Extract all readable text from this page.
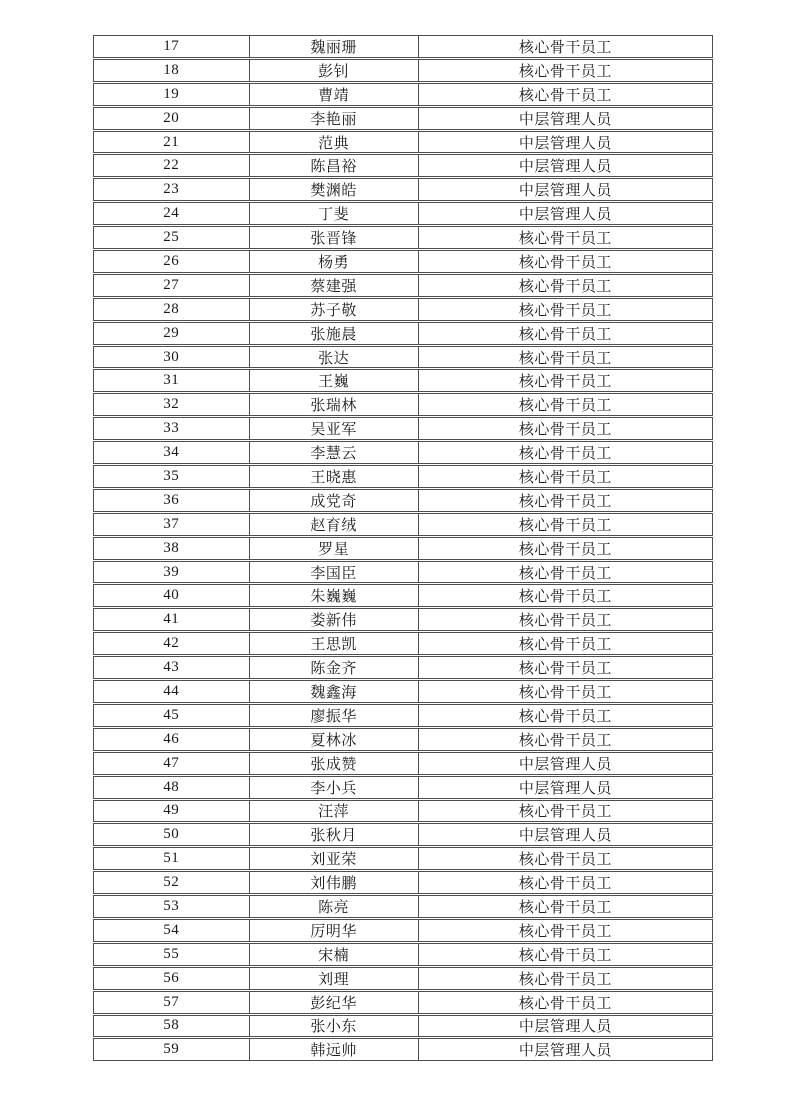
17	魏丽珊	核心骨干员工
18	彭钊	核心骨干员工
19	曹靖	核心骨干员工
20	李艳丽	中层管理人员
21	范典	中层管理人员
22	陈昌裕	中层管理人员
23	樊渊皓	中层管理人员
24	丁斐	中层管理人员
25	张晋锋	核心骨干员工
26	杨勇	核心骨干员工
27	蔡建强	核心骨干员工
28	苏子敬	核心骨干员工
29	张施晨	核心骨干员工
30	张达	核心骨干员工
31	王巍	核心骨干员工
32	张瑞林	核心骨干员工
33	吴亚军	核心骨干员工
34	李慧云	核心骨干员工
35	王晓惠	核心骨干员工
36	成党奇	核心骨干员工
37	赵育绒	核心骨干员工
38	罗星	核心骨干员工
39	李国臣	核心骨干员工
40	朱巍巍	核心骨干员工
41	娄新伟	核心骨干员工
42	王思凯	核心骨干员工
43	陈金齐	核心骨干员工
44	魏鑫海	核心骨干员工
45	廖振华	核心骨干员工
46	夏林冰	核心骨干员工
47	张成赞	中层管理人员
48	李小兵	中层管理人员
49	汪萍	核心骨干员工
50	张秋月	中层管理人员
51	刘亚荣	核心骨干员工
52	刘伟鹏	核心骨干员工
53	陈亮	核心骨干员工
54	厉明华	核心骨干员工
55	宋楠	核心骨干员工
56	刘理	核心骨干员工
57	彭纪华	核心骨干员工
58	张小东	中层管理人员
59	韩远帅	中层管理人员
